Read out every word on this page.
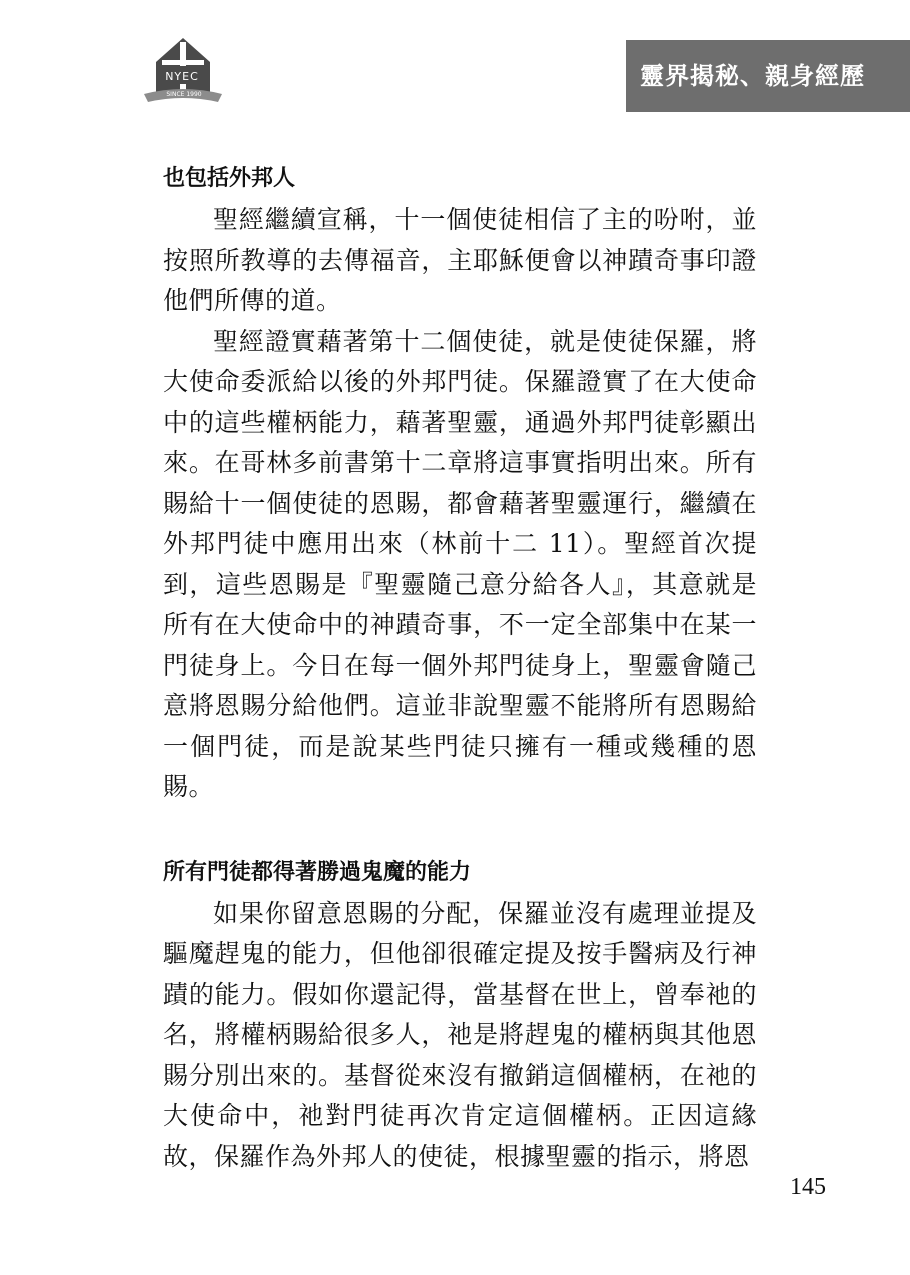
NYEC
SINCE 1990
靈界揭秘、親身經歷
也包括外邦人

聖經繼續宣稱，十一個使徒相信了主的吩咐，並按照所教導的去傳福音，主耶穌便會以神蹟奇事印證他們所傳的道。

聖經證實藉著第十二個使徒，就是使徒保羅，將大使命委派給以後的外邦門徒。保羅證實了在大使命中的這些權柄能力，藉著聖靈，通過外邦門徒彰顯出來。在哥林多前書第十二章將這事實指明出來。所有賜給十一個使徒的恩賜，都會藉著聖靈運行，繼續在外邦門徒中應用出來（林前十二 11）。聖經首次提到，這些恩賜是『聖靈隨己意分給各人』，其意就是所有在大使命中的神蹟奇事，不一定全部集中在某一門徒身上。今日在每一個外邦門徒身上，聖靈會隨己意將恩賜分給他們。這並非說聖靈不能將所有恩賜給一個門徒，而是說某些門徒只擁有一種或幾種的恩賜。

所有門徒都得著勝過鬼魔的能力

如果你留意恩賜的分配，保羅並沒有處理並提及驅魔趕鬼的能力，但他卻很確定提及按手醫病及行神蹟的能力。假如你還記得，當基督在世上，曾奉祂的名，將權柄賜給很多人，祂是將趕鬼的權柄與其他恩賜分別出來的。基督從來沒有撤銷這個權柄，在祂的大使命中，祂對門徒再次肯定這個權柄。正因這緣故，保羅作為外邦人的使徒，根據聖靈的指示，將恩

145
